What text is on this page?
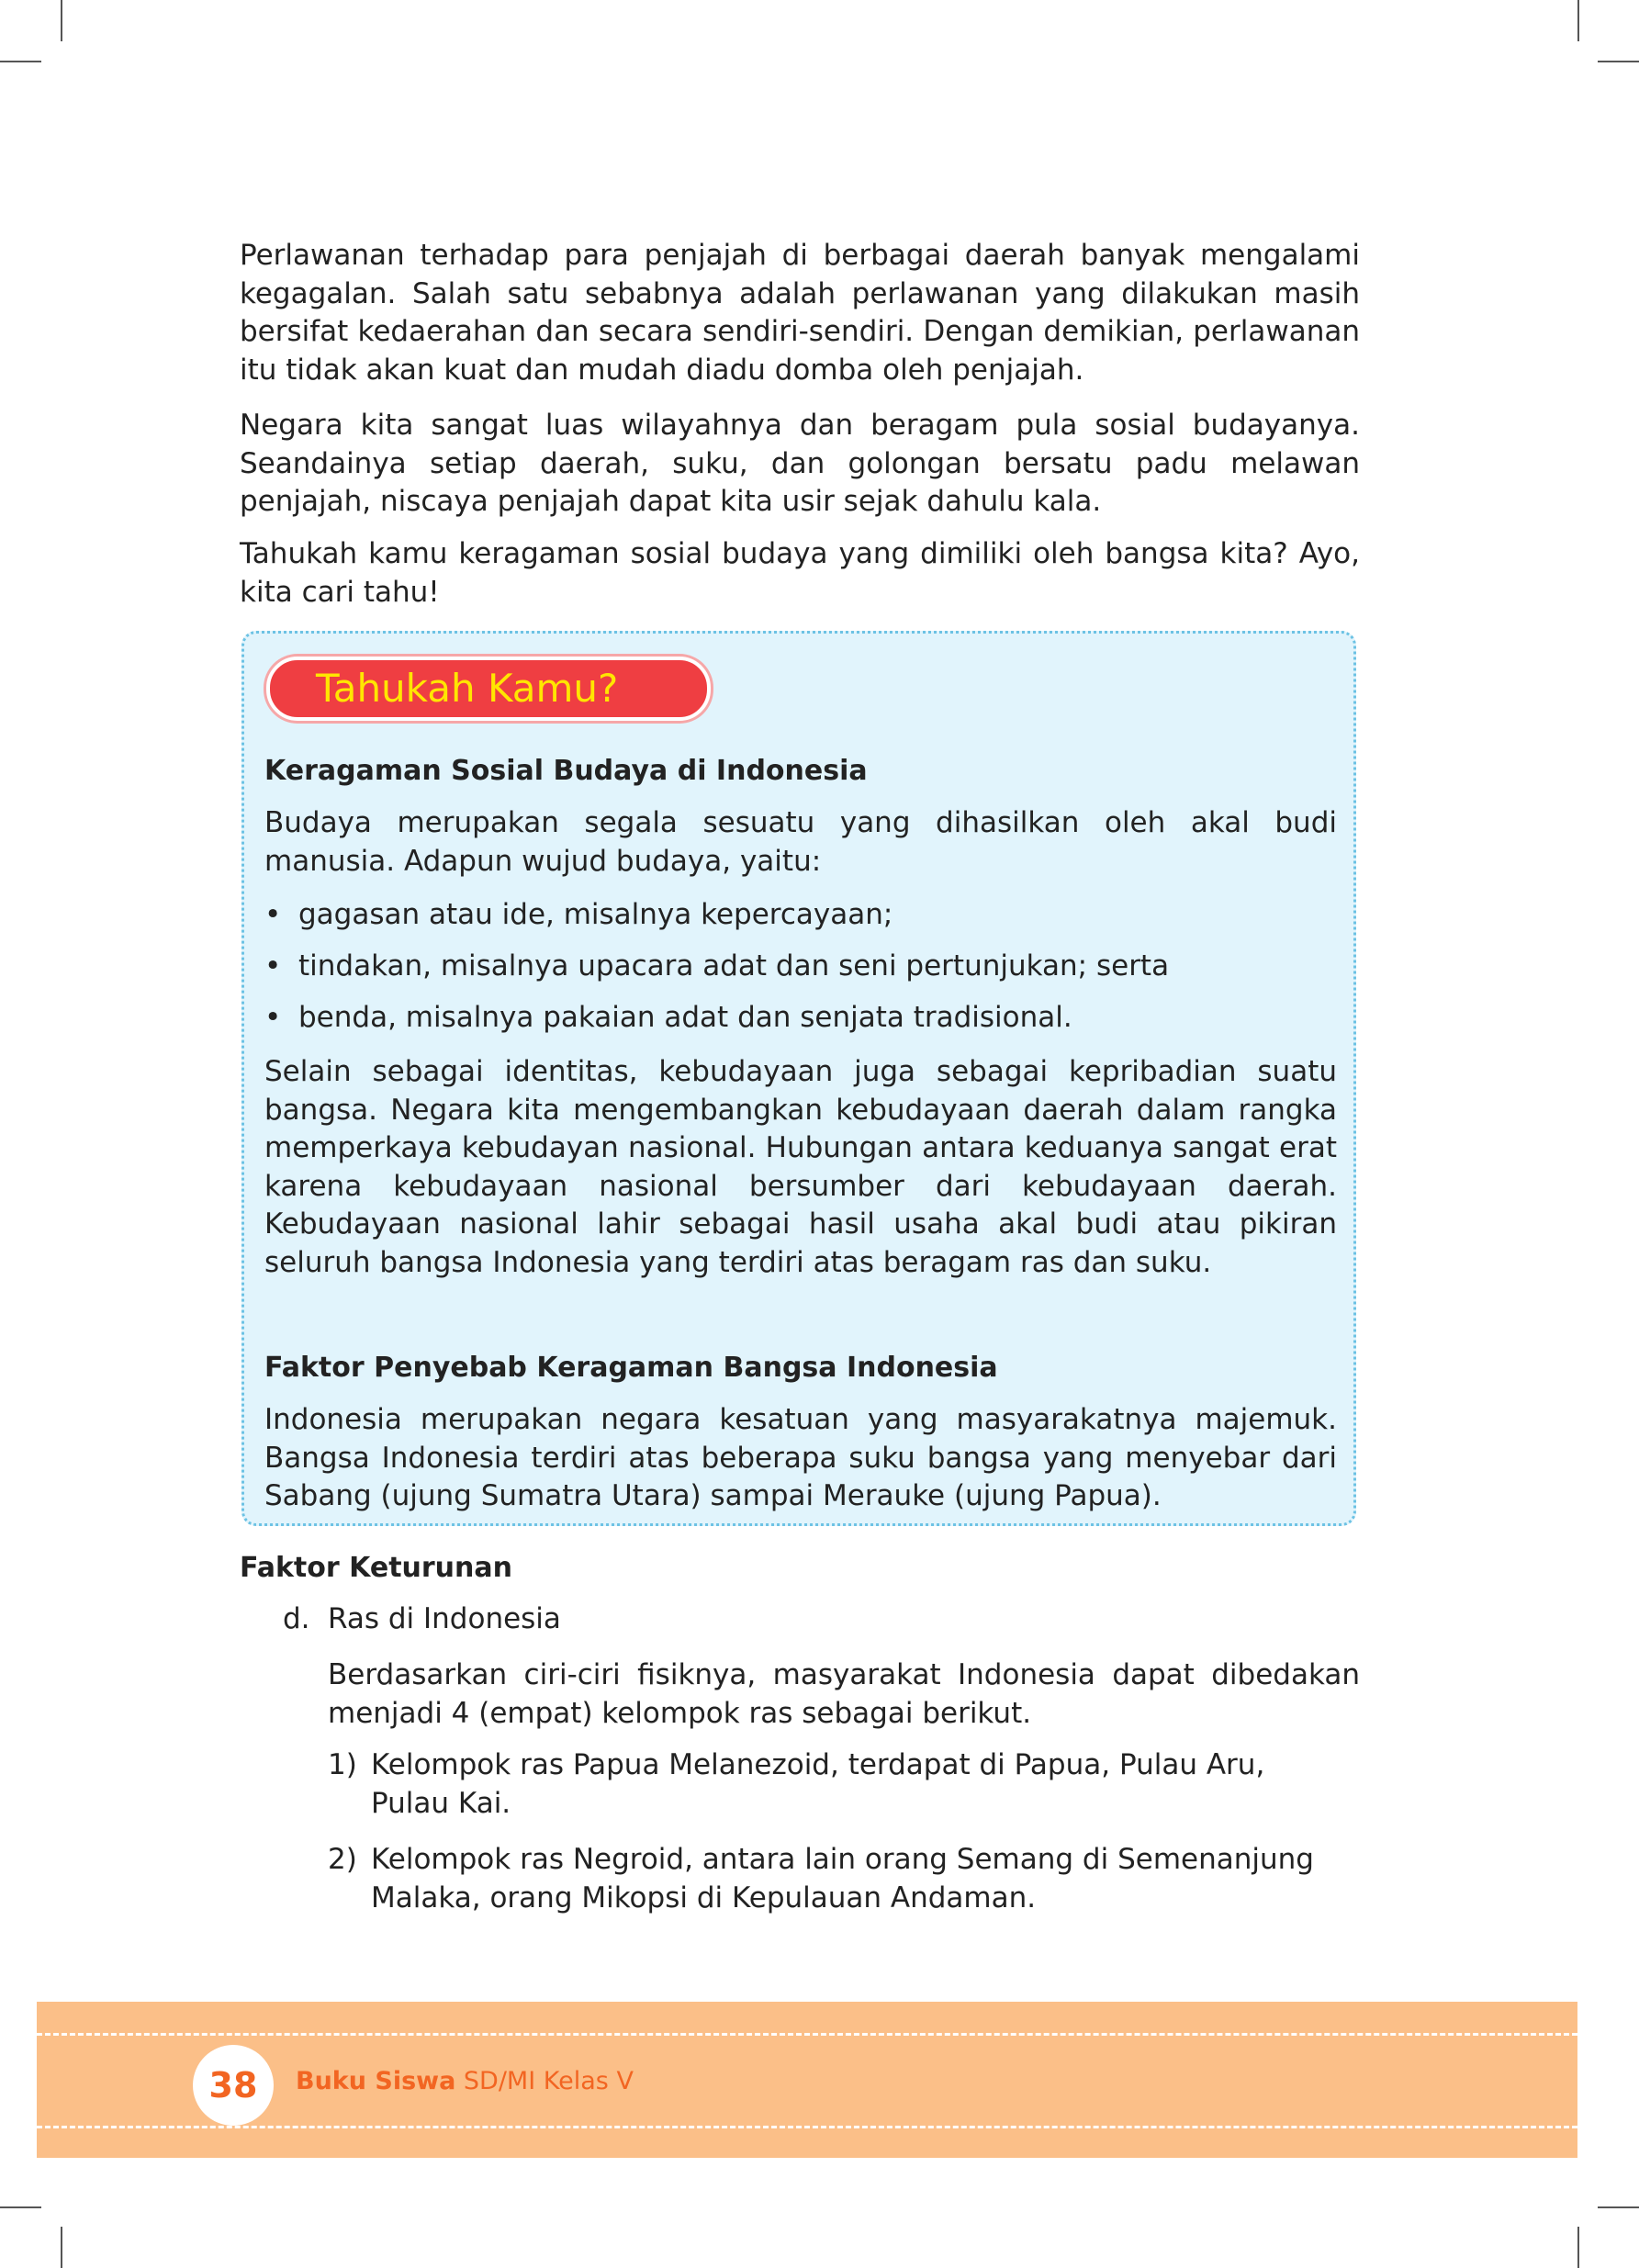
Perlawanan terhadap para penjajah di berbagai daerah banyak mengalami kegagalan. Salah satu sebabnya adalah perlawanan yang dilakukan masih bersifat kedaerahan dan secara sendiri-sendiri. Dengan demikian, perlawanan itu tidak akan kuat dan mudah diadu domba oleh penjajah.

Negara kita sangat luas wilayahnya dan beragam pula sosial budayanya. Seandainya setiap daerah, suku, dan golongan bersatu padu melawan penjajah, niscaya penjajah dapat kita usir sejak dahulu kala.

Tahukah kamu keragaman sosial budaya yang dimiliki oleh bangsa kita? Ayo, kita cari tahu!

Tahukah Kamu?

Keragaman Sosial Budaya di Indonesia

Budaya merupakan segala sesuatu yang dihasilkan oleh akal budi manusia. Adapun wujud budaya, yaitu:

• gagasan atau ide, misalnya kepercayaan;
• tindakan, misalnya upacara adat dan seni pertunjukan; serta
• benda, misalnya pakaian adat dan senjata tradisional.

Selain sebagai identitas, kebudayaan juga sebagai kepribadian suatu bangsa. Negara kita mengembangkan kebudayaan daerah dalam rangka memperkaya kebudayan nasional. Hubungan antara keduanya sangat erat karena kebudayaan nasional bersumber dari kebudayaan daerah. Kebudayaan nasional lahir sebagai hasil usaha akal budi atau pikiran seluruh bangsa Indonesia yang terdiri atas beragam ras dan suku.

Faktor Penyebab Keragaman Bangsa Indonesia

Indonesia merupakan negara kesatuan yang masyarakatnya majemuk. Bangsa Indonesia terdiri atas beberapa suku bangsa yang menyebar dari Sabang (ujung Sumatra Utara) sampai Merauke (ujung Papua).

Faktor Keturunan

d. Ras di Indonesia

Berdasarkan ciri-ciri fisiknya, masyarakat Indonesia dapat dibedakan menjadi 4 (empat) kelompok ras sebagai berikut.

1) Kelompok ras Papua Melanezoid, terdapat di Papua, Pulau Aru,
Pulau Kai.
2) Kelompok ras Negroid, antara lain orang Semang di Semenanjung
Malaka, orang Mikopsi di Kepulauan Andaman.
38	Buku Siswa SD/MI Kelas V
